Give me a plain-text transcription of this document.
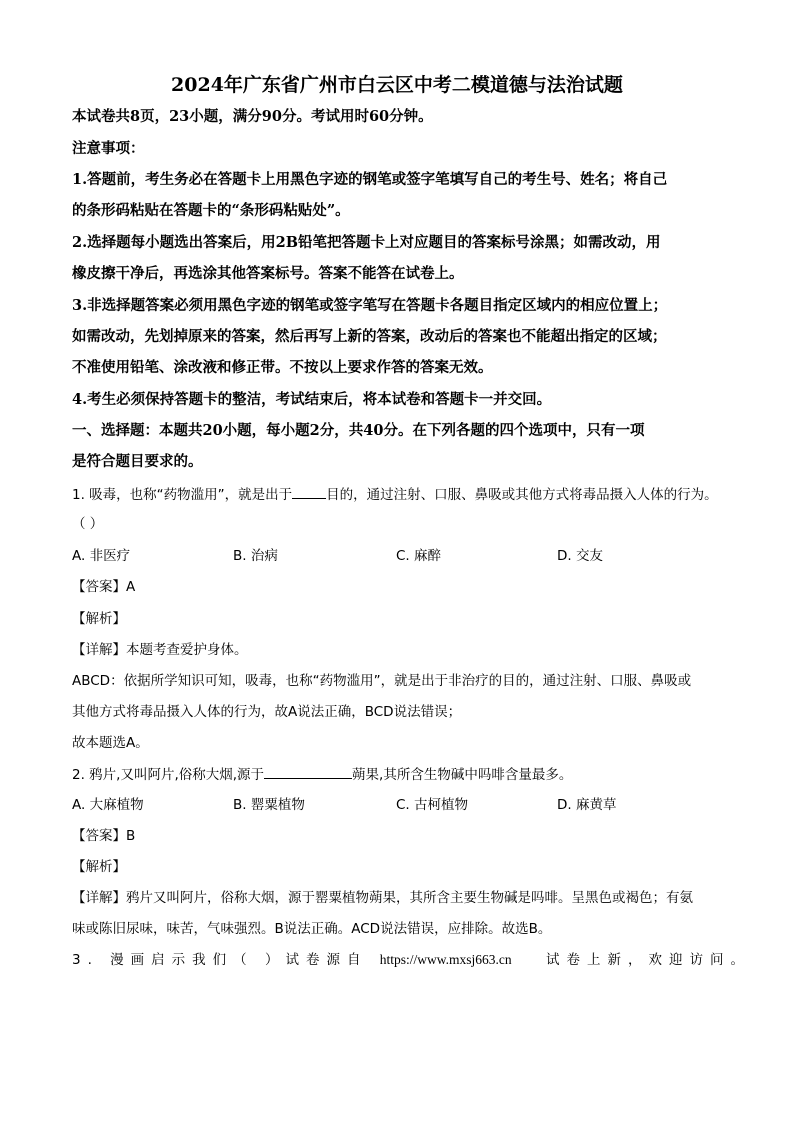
2024年广东省广州市白云区中考二模道德与法治试题
本试卷共8页，23小题，满分90分。考试用时60分钟。
注意事项：
1.答题前，考生务必在答题卡上用黑色字迹的钢笔或签字笔填写自己的考生号、姓名；将自己
的条形码粘贴在答题卡的“条形码粘贴处”。
2.选择题每小题选出答案后，用2B铅笔把答题卡上对应题目的答案标号涂黑；如需改动，用
橡皮擦干净后，再选涂其他答案标号。答案不能答在试卷上。
3.非选择题答案必须用黑色字迹的钢笔或签字笔写在答题卡各题目指定区域内的相应位置上；
如需改动，先划掉原来的答案，然后再写上新的答案，改动后的答案也不能超出指定的区域；
不准使用铅笔、涂改液和修正带。不按以上要求作答的答案无效。
4.考生必须保持答题卡的整洁，考试结束后，将本试卷和答题卡一并交回。
一、选择题：本题共20小题，每小题2分，共40分。在下列各题的四个选项中，只有一项
是符合题目要求的。
1. 吸毒，也称“药物滥用”，就是出于	目的，通过注射、口服、鼻吸或其他方式将毒品摄入人体的行为。
（ ）
A. 非医疗	B. 治病	C. 麻醉	D. 交友
【答案】A
【解析】
【详解】本题考查爱护身体。
ABCD：依据所学知识可知，吸毒，也称“药物滥用”，就是出于非治疗的目的，通过注射、口服、鼻吸或
其他方式将毒品摄入人体的行为，故A说法正确，BCD说法错误；
故本题选A。
2. 鸦片,又叫阿片,俗称大烟,源于	蒴果,其所含生物碱中吗啡含量最多。
A. 大麻植物	B. 罂粟植物	C. 古柯植物	D. 麻黄草
【答案】B
【解析】
【详解】鸦片又叫阿片，俗称大烟，源于罂粟植物蒴果，其所含主要生物碱是吗啡。呈黑色或褐色；有氨
味或陈旧尿味，味苦，气味强烈。B说法正确。ACD说法错误，应排除。故选B。
3. 漫画启示我们（ ）试卷源自 https://www.mxsj663.cn	试卷上新，欢迎访问。
